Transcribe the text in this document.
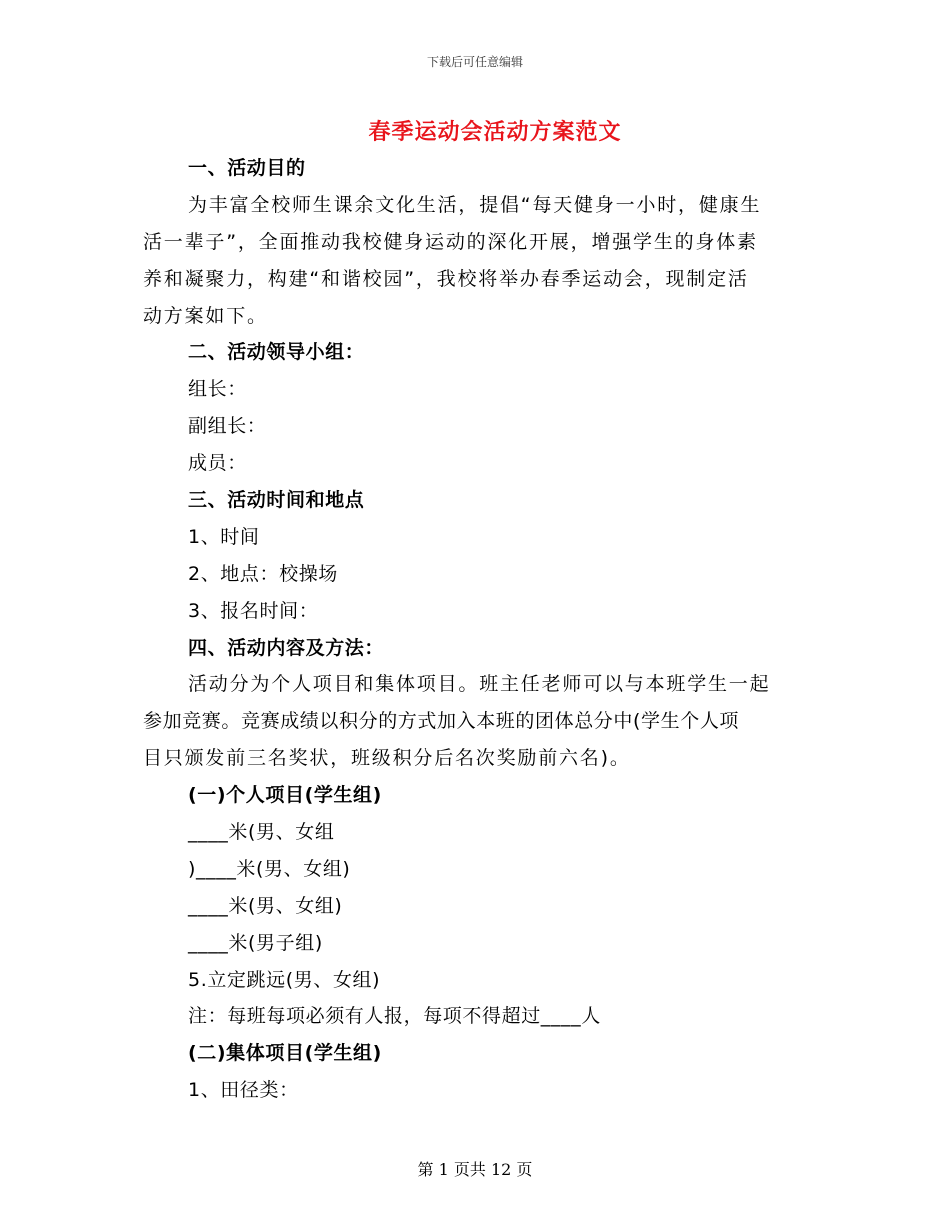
下载后可任意编辑
春季运动会活动方案范文
一、活动目的
为丰富全校师生课余文化生活，提倡“每天健身一小时，健康生
活一辈子”，全面推动我校健身运动的深化开展，增强学生的身体素
养和凝聚力，构建“和谐校园”，我校将举办春季运动会，现制定活
动方案如下。
二、活动领导小组：
组长：
副组长：
成员：
三、活动时间和地点
1、时间
2、地点：校操场
3、报名时间：
四、活动内容及方法：
活动分为个人项目和集体项目。班主任老师可以与本班学生一起
参加竞赛。竞赛成绩以积分的方式加入本班的团体总分中(学生个人项
目只颁发前三名奖状，班级积分后名次奖励前六名)。
(一)个人项目(学生组)
____米(男、女组
)____米(男、女组)
____米(男、女组)
____米(男子组)
5.立定跳远(男、女组)
注：每班每项必须有人报，每项不得超过____人
(二)集体项目(学生组)
1、田径类：
第 1 页共 12 页
